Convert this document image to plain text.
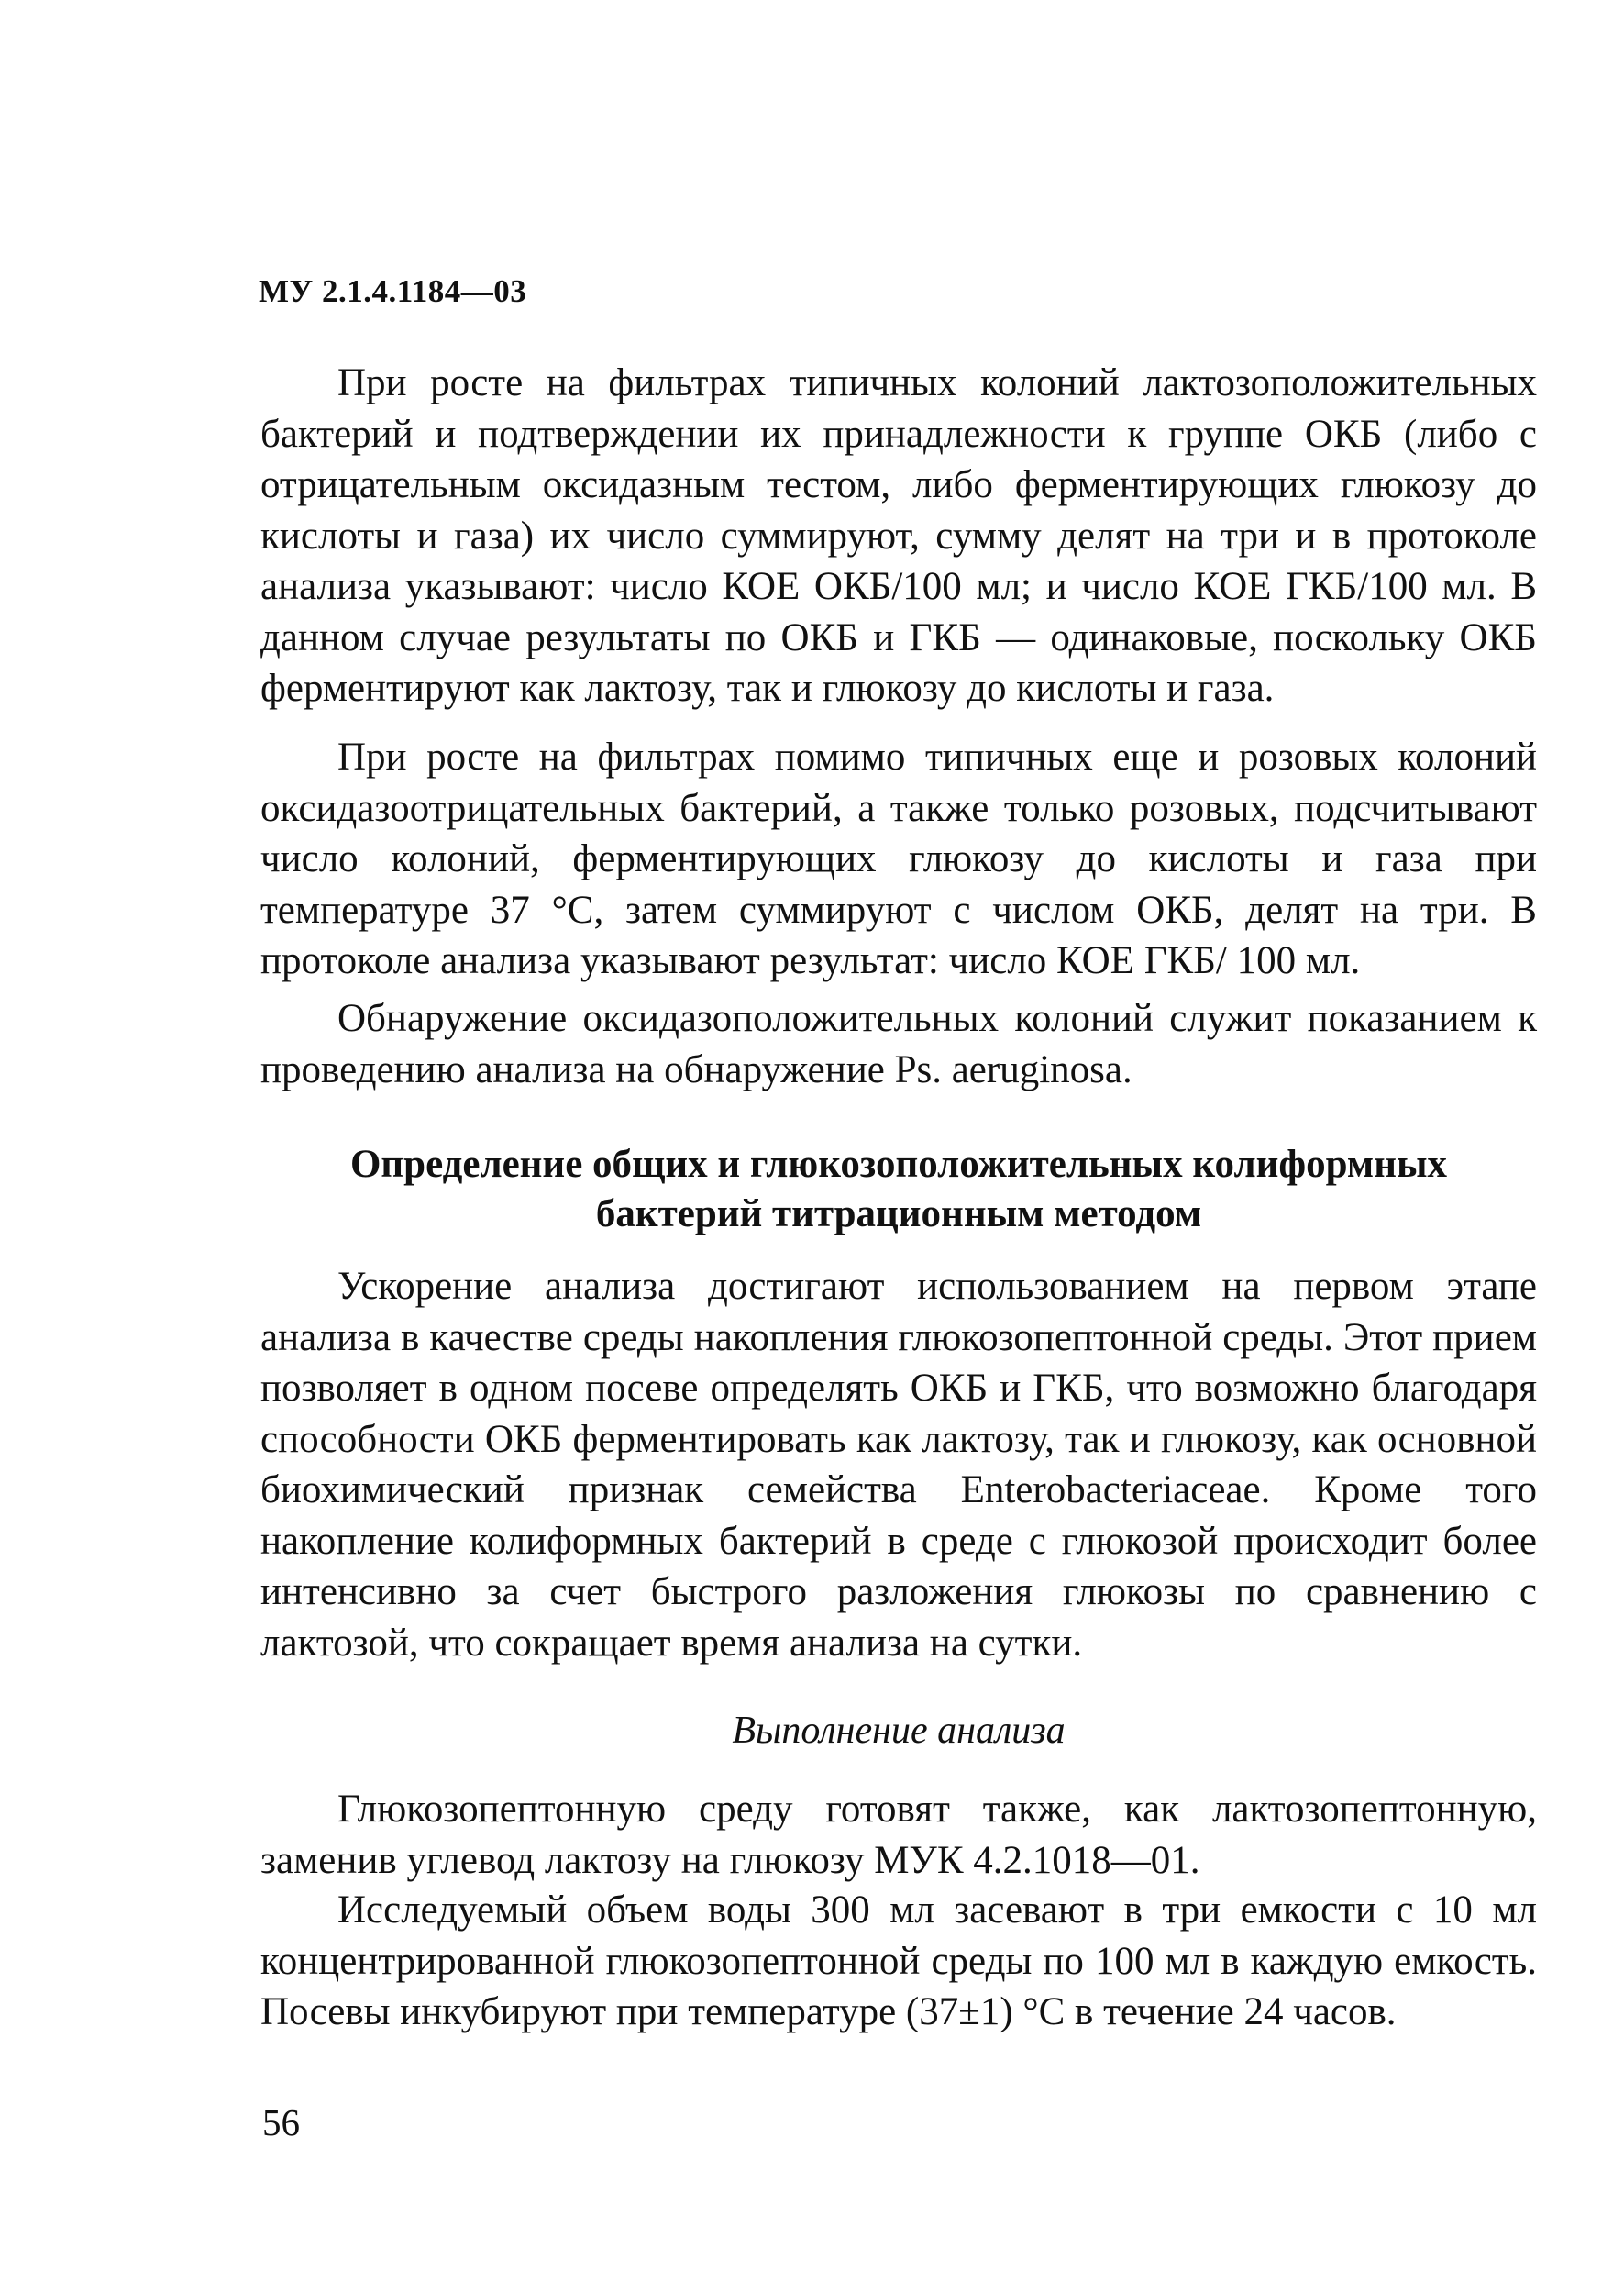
МУ 2.1.4.1184—03

При росте на фильтрах типичных колоний лактозоположительных бактерий и подтверждении их принадлежности к группе ОКБ (либо с отрицательным оксидазным тестом, либо ферментирующих глюкозу до кислоты и газа) их число суммируют, сумму делят на три и в протоколе анализа указывают: число КОЕ ОКБ/100 мл; и число КОЕ ГКБ/100 мл. В данном случае результаты по ОКБ и ГКБ — одинаковые, поскольку ОКБ ферментируют как лактозу, так и глюкозу до кислоты и газа.

При росте на фильтрах помимо типичных еще и розовых колоний оксидазоотрицательных бактерий, а также только розовых, подсчитывают число колоний, ферментирующих глюкозу до кислоты и газа при температуре 37 °С, затем суммируют с числом ОКБ, делят на три. В протоколе анализа указывают результат: число КОЕ ГКБ/ 100 мл.

Обнаружение оксидазоположительных колоний служит показанием к проведению анализа на обнаружение Ps. aeruginosa.

Определение общих и глюкозоположительных колиформных
бактерий титрационным методом

Ускорение анализа достигают использованием на первом этапе анализа в качестве среды накопления глюкозопептонной среды. Этот прием позволяет в одном посеве определять ОКБ и ГКБ, что возможно благодаря способности ОКБ ферментировать как лактозу, так и глюкозу, как основной биохимический признак семейства Enterobacteriaceae. Кроме того накопление колиформных бактерий в среде с глюкозой происходит более интенсивно за счет быстрого разложения глюкозы по сравнению с лактозой, что сокращает время анализа на сутки.

Выполнение анализа

Глюкозопептонную среду готовят также, как лактозопептонную, заменив углевод лактозу на глюкозу МУК 4.2.1018—01.

Исследуемый объем воды 300 мл засевают в три емкости с 10 мл концентрированной глюкозопептонной среды по 100 мл в каждую емкость. Посевы инкубируют при температуре (37±1) °С в течение 24 часов.

56
